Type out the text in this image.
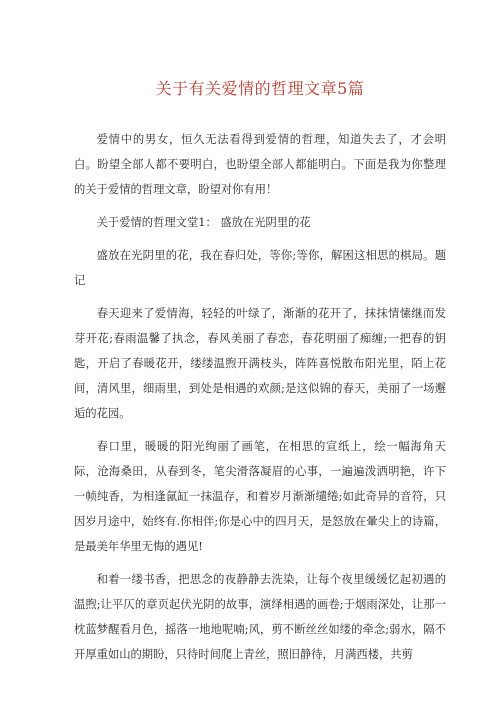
关于有关爱情的哲理文章5篇

爱情中的男女，恒久无法看得到爱情的哲理，知道失去了，才会明白。盼望全部人都不要明白，也盼望全部人都能明白。下面是我为你整理的关于爱情的哲理文章，盼望对你有用！

关于爱情的哲理文堂1： 盛放在光阴里的花

盛放在光阴里的花，我在春归处，等你;等你，解困这相思的棋局。题记

春天迎来了爱情海，轻轻的叶绿了，渐渐的花开了，抹抹情愫继而发芽开花;春雨温馨了执念，春风美丽了春恋，春花明丽了痴缠;一把春的钥匙，开启了春暖花开，缕缕温煦开满枝头，阵阵喜悦散布阳光里，陌上花间，清风里，细雨里，到处是相遇的欢颜;是这似锦的春天，美丽了一场邂逅的花园。

春口里，暖暖的阳光绚丽了画笔，在相思的宣纸上，绘一幅海角天际，沧海桑田，从春到冬，笔尖滑落凝眉的心事，一遍遍泼洒明艳，许下一帧纯香，为相逢氤缸一抹温存，和着岁月渐渐缱绻;如此奇异的音符，只因岁月途中，始终有.你相伴;你是心中的四月天，是怒放在暈尖上的诗篇，是最美年华里无悔的遇见!

和着一缕书香，把思念的夜静静去洗染，让每个夜里缓缓忆起初遇的温煦;让平仄的章页起伏光阴的故事，演绎相遇的画卷;于烟雨深处，让那一枕蓝梦醒看月色，摇落一地地呢喃;风，剪不断丝丝如缕的牵念;弱水，隔不开厚重如山的期盼，只待时间爬上青丝，照旧静待，月满西楼，共剪
